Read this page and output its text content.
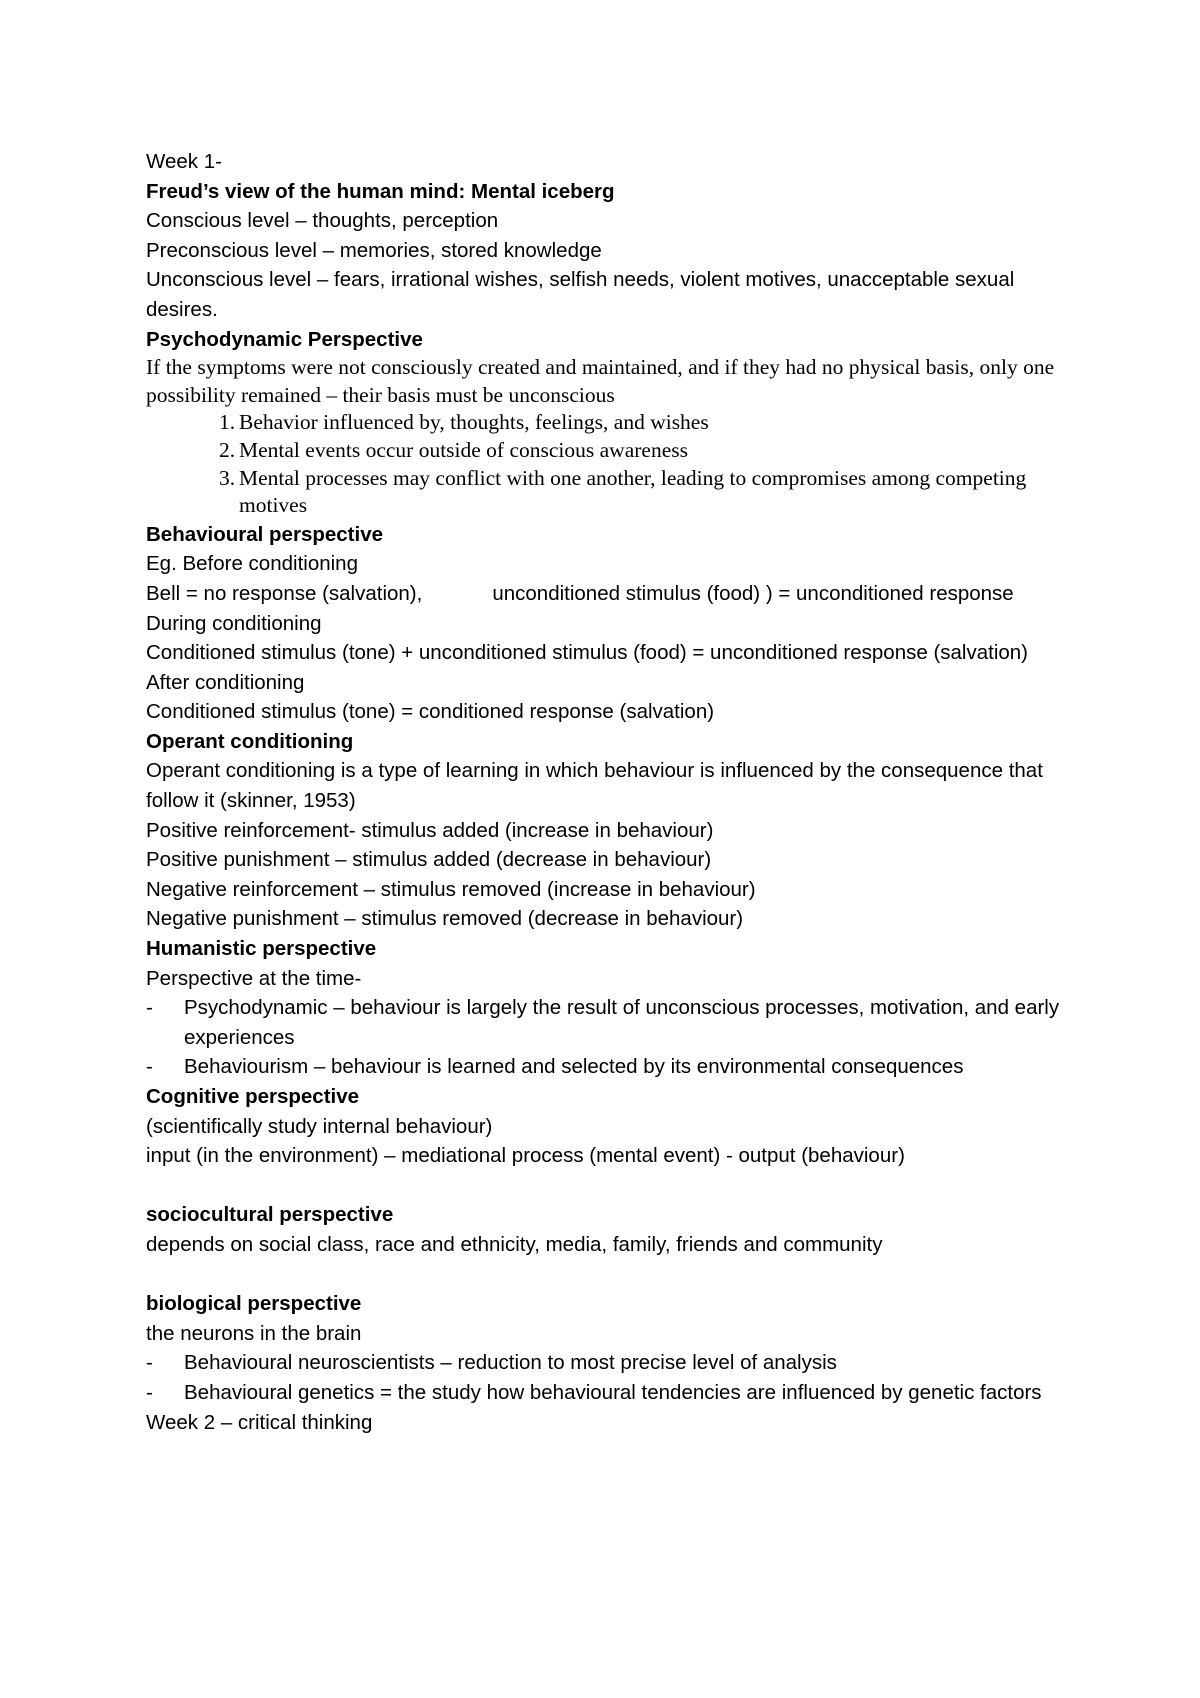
Week 1-

Freud’s view of the human mind: Mental iceberg

Conscious level – thoughts, perception

Preconscious level – memories, stored knowledge

Unconscious level – fears, irrational wishes, selfish needs, violent motives, unacceptable sexual desires.

Psychodynamic Perspective

If the symptoms were not consciously created and maintained, and if they had no physical basis, only one possibility remained – their basis must be unconscious

1. Behavior influenced by, thoughts, feelings, and wishes
2. Mental events occur outside of conscious awareness
3. Mental processes may conflict with one another, leading to compromises among competing motives

Behavioural perspective

Eg. Before conditioning

Bell = no response (salvation),	unconditioned stimulus (food) ) = unconditioned response

During conditioning

Conditioned stimulus (tone) + unconditioned stimulus (food) = unconditioned response (salvation)

After conditioning

Conditioned stimulus (tone) = conditioned response (salvation)

Operant conditioning

Operant conditioning is a type of learning in which behaviour is influenced by the consequence that follow it (skinner, 1953)

Positive reinforcement- stimulus added (increase in behaviour)

Positive punishment – stimulus added (decrease in behaviour)

Negative reinforcement – stimulus removed (increase in behaviour)

Negative punishment – stimulus removed (decrease in behaviour)

Humanistic perspective

Perspective at the time-

-	Psychodynamic – behaviour is largely the result of unconscious processes, motivation, and early experiences
-	Behaviourism – behaviour is learned and selected by its environmental consequences

Cognitive perspective

(scientifically study internal behaviour)

input (in the environment) – mediational process (mental event) - output (behaviour)

sociocultural perspective

depends on social class, race and ethnicity, media, family, friends and community

biological perspective

the neurons in the brain

-	Behavioural neuroscientists – reduction to most precise level of analysis
-	Behavioural genetics = the study how behavioural tendencies are influenced by genetic factors

Week 2 – critical thinking
